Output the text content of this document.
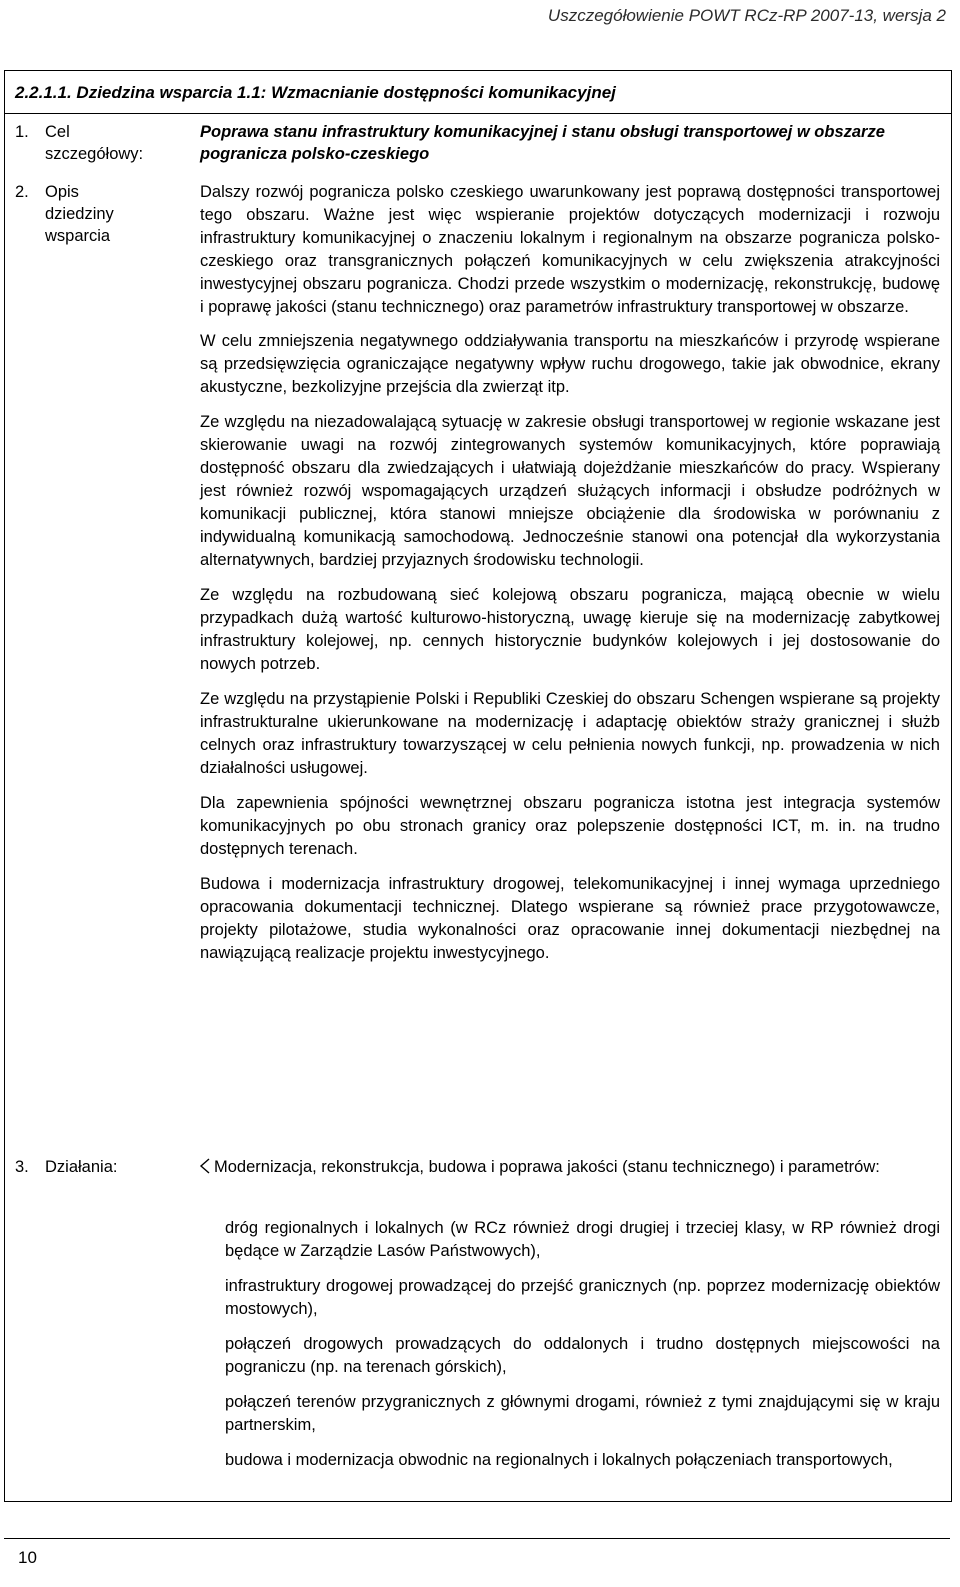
Uszczegółowienie POWT RCz-RP 2007-13, wersja 2
2.2.1.1. Dziedzina wsparcia 1.1: Wzmacnianie dostępności komunikacyjnej
1. Cel
szczegółowy:
Poprawa stanu infrastruktury komunikacyjnej i stanu obsługi transportowej w obszarze pogranicza polsko-czeskiego
2. Opis
dziedziny
wsparcia

Dalszy rozwój pogranicza polsko czeskiego uwarunkowany jest poprawą dostępności transportowej tego obszaru. Ważne jest więc wspieranie projektów dotyczących modernizacji i rozwoju infrastruktury komunikacyjnej o znaczeniu lokalnym i regionalnym na obszarze pogranicza polsko-czeskiego oraz transgranicznych połączeń komunikacyjnych w celu zwiększenia atrakcyjności inwestycyjnej obszaru pogranicza. Chodzi przede wszystkim o modernizację, rekonstrukcję, budowę i poprawę jakości (stanu technicznego) oraz parametrów infrastruktury transportowej w obszarze.

W celu zmniejszenia negatywnego oddziaływania transportu na mieszkańców i przyrodę wspierane są przedsięwzięcia ograniczające negatywny wpływ ruchu drogowego, takie jak obwodnice, ekrany akustyczne, bezkolizyjne przejścia dla zwierząt itp.

Ze względu na niezadowalającą sytuację w zakresie obsługi transportowej w regionie wskazane jest skierowanie uwagi na rozwój zintegrowanych systemów komunikacyjnych, które poprawiają dostępność obszaru dla zwiedzających i ułatwiają dojeżdżanie mieszkańców do pracy. Wspierany jest również rozwój wspomagających urządzeń służących informacji i obsłudze podróżnych w komunikacji publicznej, która stanowi mniejsze obciążenie dla środowiska w porównaniu z indywidualną komunikacją samochodową. Jednocześnie stanowi ona potencjał dla wykorzystania alternatywnych, bardziej przyjaznych środowisku technologii.

Ze względu na rozbudowaną sieć kolejową obszaru pogranicza, mającą obecnie w wielu przypadkach dużą wartość kulturowo-historyczną, uwagę kieruje się na modernizację zabytkowej infrastruktury kolejowej, np. cennych historycznie budynków kolejowych i jej dostosowanie do nowych potrzeb.

Ze względu na przystąpienie Polski i Republiki Czeskiej do obszaru Schengen wspierane są projekty infrastrukturalne ukierunkowane na modernizację i adaptację obiektów straży granicznej i służb celnych oraz infrastruktury towarzyszącej w celu pełnienia nowych funkcji, np. prowadzenia w nich działalności usługowej.

Dla zapewnienia spójności wewnętrznej obszaru pogranicza istotna jest integracja systemów komunikacyjnych po obu stronach granicy oraz polepszenie dostępności ICT, m. in. na trudno dostępnych terenach.

Budowa i modernizacja infrastruktury drogowej, telekomunikacyjnej i innej wymaga uprzedniego opracowania dokumentacji technicznej. Dlatego wspierane są również prace przygotowawcze, projekty pilotażowe, studia wykonalności oraz opracowanie innej dokumentacji niezbędnej na nawiązującą realizacje projektu inwestycyjnego.

3. Działania:	Modernizacja, rekonstrukcja, budowa i poprawa jakości (stanu technicznego) i parametrów:
dróg regionalnych i lokalnych (w RCz również drogi drugiej i trzeciej klasy, w RP również drogi będące w Zarządzie Lasów Państwowych),
infrastruktury drogowej prowadzącej do przejść granicznych (np. poprzez modernizację obiektów mostowych),
połączeń drogowych prowadzących do oddalonych i trudno dostępnych miejscowości na pograniczu (np. na terenach górskich),
połączeń terenów przygranicznych z głównymi drogami, również z tymi znajdującymi się w kraju partnerskim,
budowa i modernizacja obwodnic na regionalnych i lokalnych połączeniach transportowych,
10
